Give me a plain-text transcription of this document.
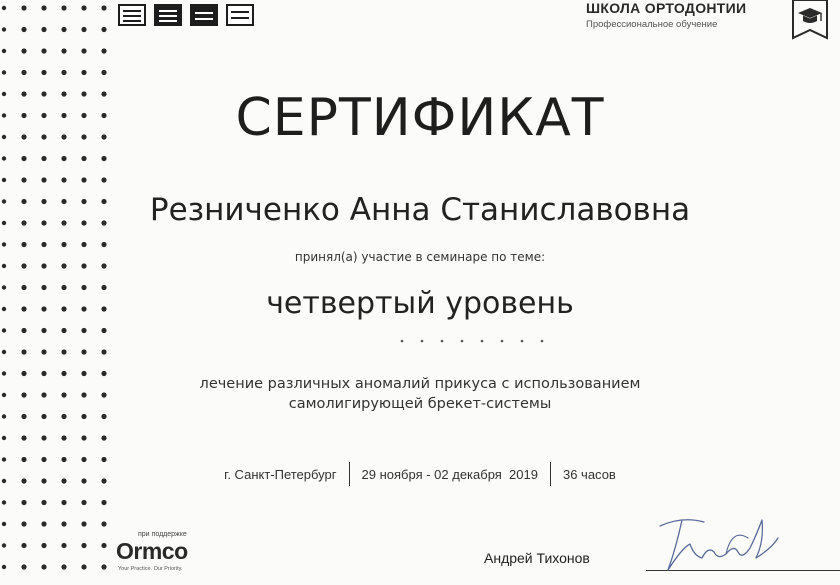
ШКОЛА ОРТОДОНТИИ
Профессиональное обучение
СЕРТИФИКАТ
Резниченко Анна Станиславовна
принял(а) участие в семинаре по теме:
четвертый уровень
лечение различных аномалий прикуса с использованием
самолигирующей брекет-системы
г. Санкт-Петербург	29 ноября - 02 декабря  2019	36 часов
при поддержке
Ormco
Your Practice. Our Priority.
Андрей Тихонов
